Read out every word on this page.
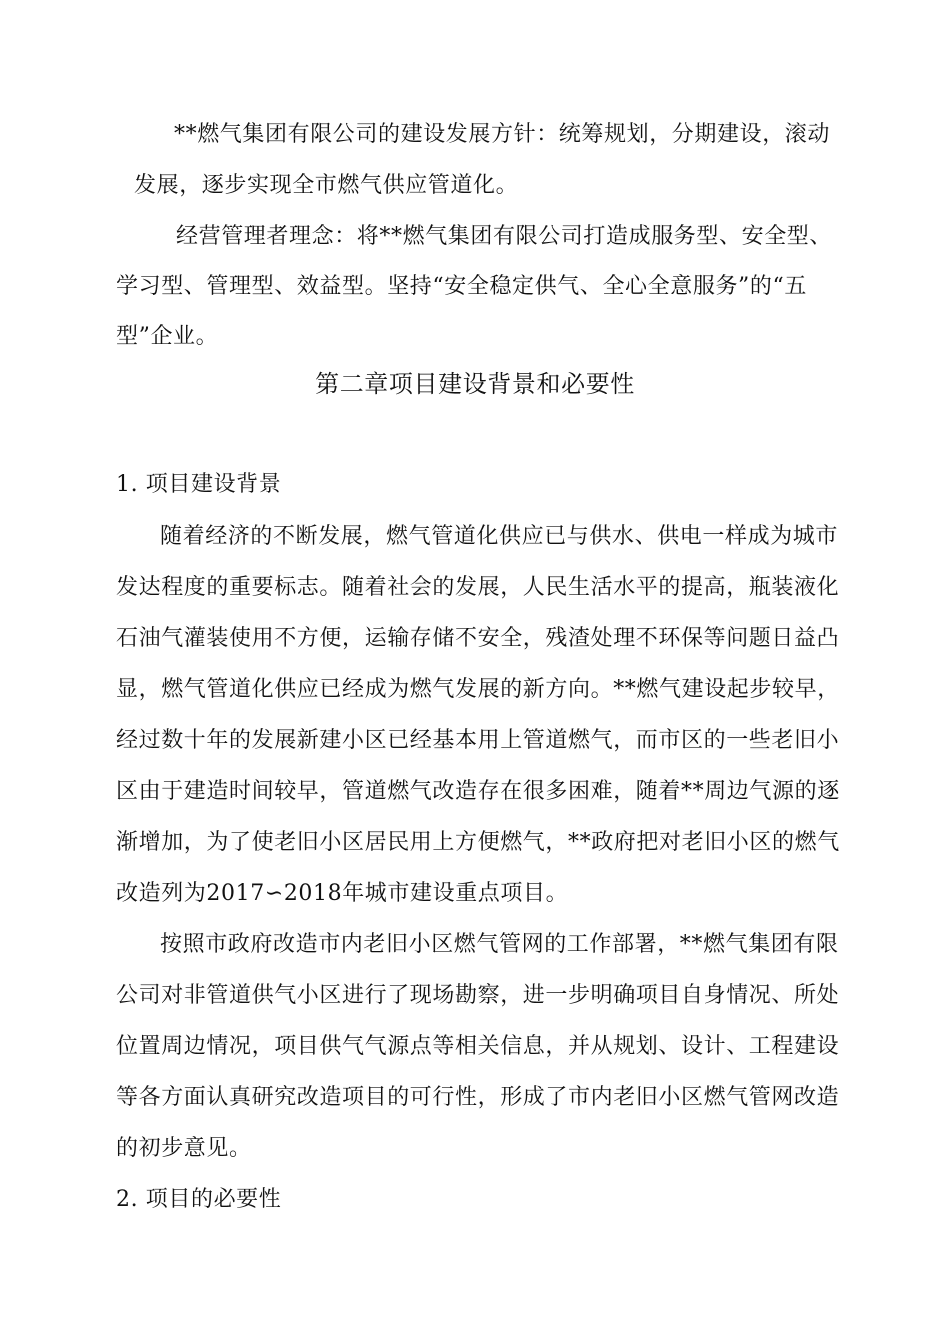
**燃气集团有限公司的建设发展方针：统筹规划，分期建设，滚动
发展，逐步实现全市燃气供应管道化。
经营管理者理念：将**燃气集团有限公司打造成服务型、安全型、
学习型、管理型、效益型。坚持“安全稳定供气、全心全意服务”的“五
型”企业。
第二章项目建设背景和必要性
1. 项目建设背景
随着经济的不断发展，燃气管道化供应已与供水、供电一样成为城市
发达程度的重要标志。随着社会的发展，人民生活水平的提高，瓶装液化
石油气灌装使用不方便，运输存储不安全，残渣处理不环保等问题日益凸
显，燃气管道化供应已经成为燃气发展的新方向。**燃气建设起步较早，
经过数十年的发展新建小区已经基本用上管道燃气，而市区的一些老旧小
区由于建造时间较早，管道燃气改造存在很多困难，随着**周边气源的逐
渐增加，为了使老旧小区居民用上方便燃气，**政府把对老旧小区的燃气
改造列为2017∽2018年城市建设重点项目。
按照市政府改造市内老旧小区燃气管网的工作部署，**燃气集团有限
公司对非管道供气小区进行了现场勘察，进一步明确项目自身情况、所处
位置周边情况，项目供气气源点等相关信息，并从规划、设计、工程建设
等各方面认真研究改造项目的可行性，形成了市内老旧小区燃气管网改造
的初步意见。
2. 项目的必要性
